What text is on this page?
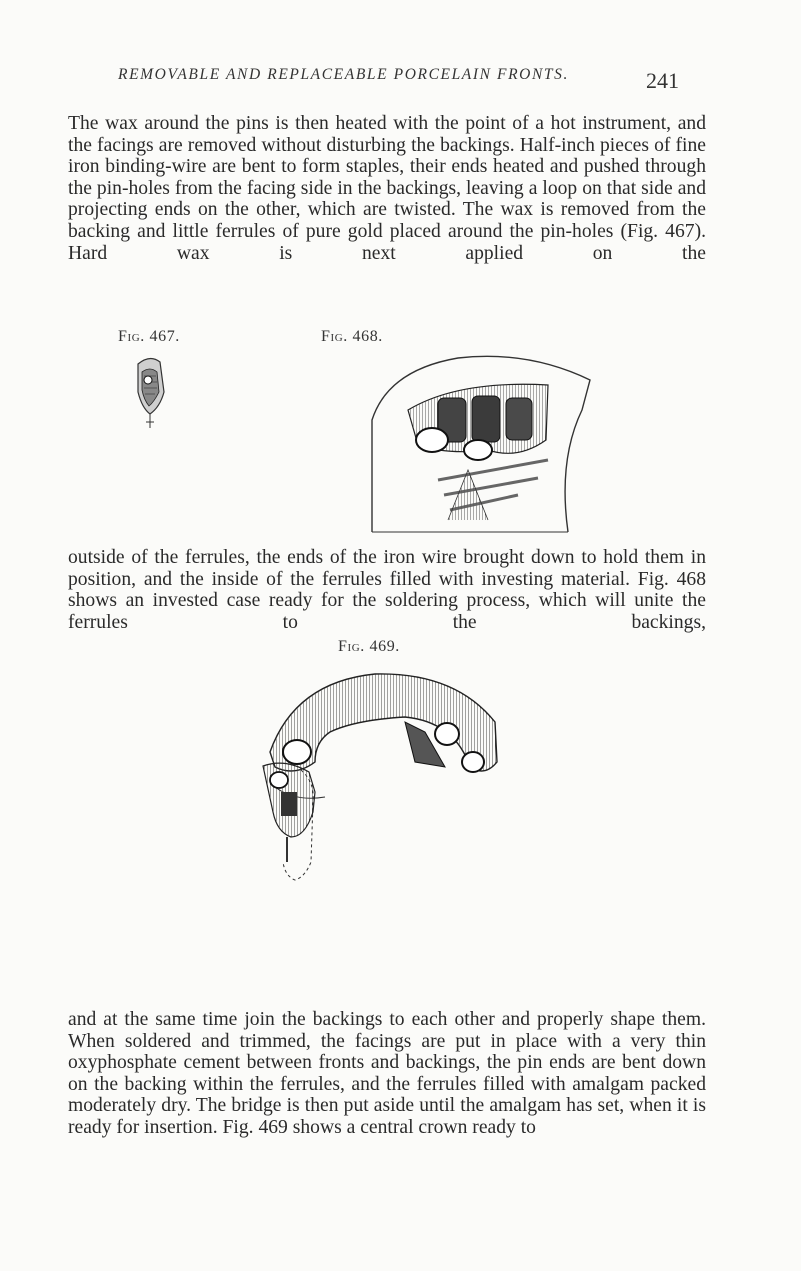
REMOVABLE AND REPLACEABLE PORCELAIN FRONTS.	241

The wax around the pins is then heated with the point of a hot instrument, and the facings are removed without disturbing the backings. Half-inch pieces of fine iron binding-wire are bent to form staples, their ends heated and pushed through the pin-holes from the facing side in the backings, leaving a loop on that side and projecting ends on the other, which are twisted. The wax is removed from the backing and little ferrules of pure gold placed around the pin-holes (Fig. 467). Hard wax is next applied on the

Fig. 467.	Fig. 468.

outside of the ferrules, the ends of the iron wire brought down to hold them in position, and the inside of the ferrules filled with investing material. Fig. 468 shows an invested case ready for the soldering process, which will unite the ferrules to the backings,

Fig. 469.

and at the same time join the backings to each other and properly shape them. When soldered and trimmed, the facings are put in place with a very thin oxyphosphate cement between fronts and backings, the pin ends are bent down on the backing within the ferrules, and the ferrules filled with amalgam packed moderately dry. The bridge is then put aside until the amalgam has set, when it is ready for insertion. Fig. 469 shows a central crown ready to
